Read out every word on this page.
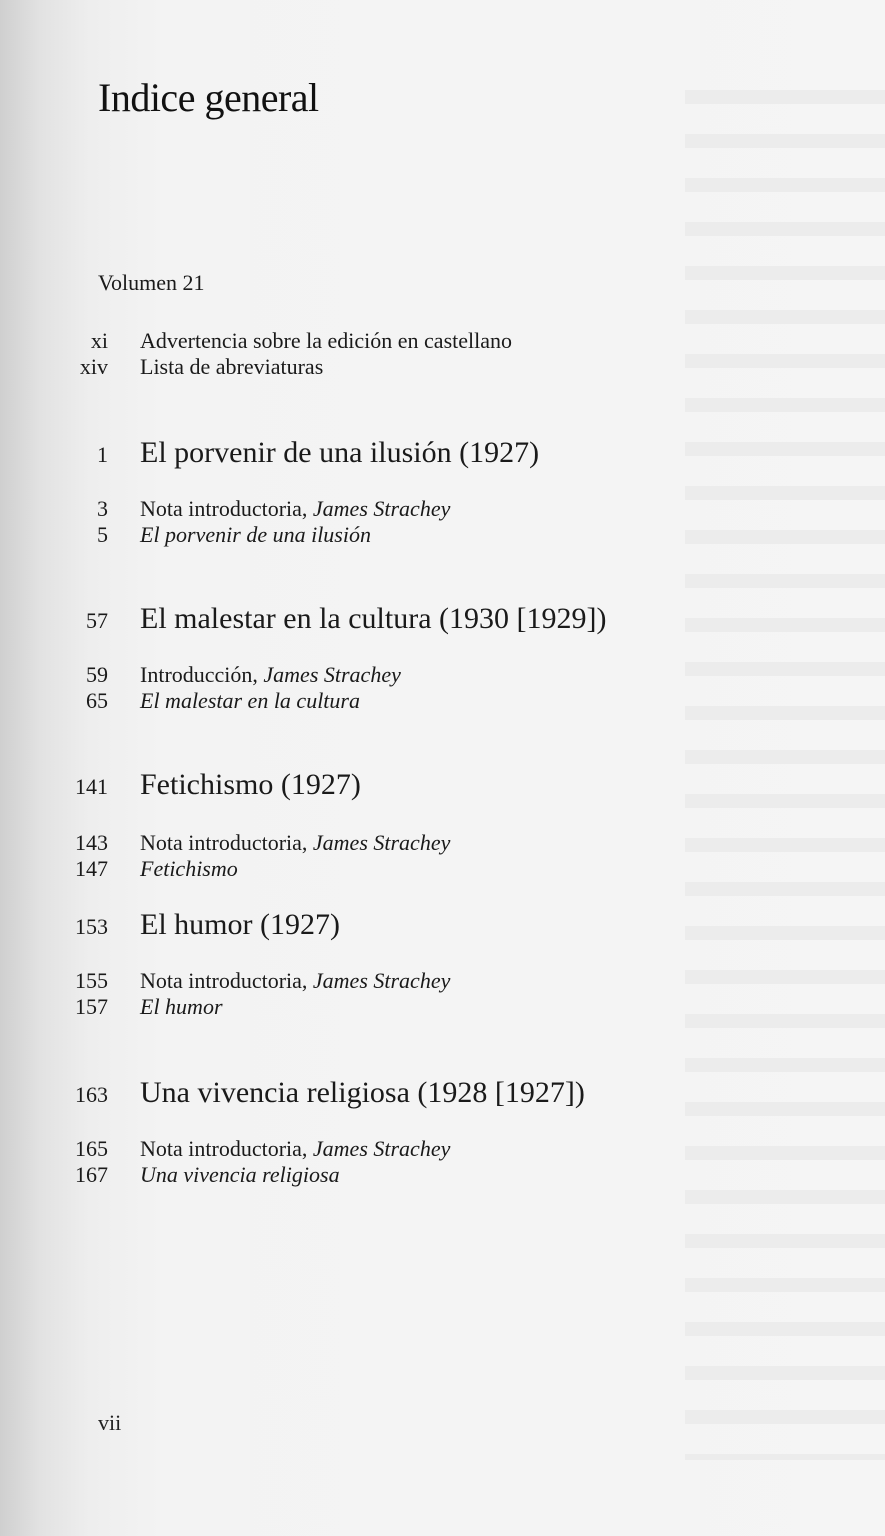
Indice general
Volumen 21
xi	Advertencia sobre la edición en castellano
xiv	Lista de abreviaturas
1	El porvenir de una ilusión (1927)
3	Nota introductoria, James Strachey
5	El porvenir de una ilusión
57	El malestar en la cultura (1930 [1929])
59	Introducción, James Strachey
65	El malestar en la cultura
141	Fetichismo (1927)
143	Nota introductoria, James Strachey
147	Fetichismo
153	El humor (1927)
155	Nota introductoria, James Strachey
157	El humor
163	Una vivencia religiosa (1928 [1927])
165	Nota introductoria, James Strachey
167	Una vivencia religiosa
vii
